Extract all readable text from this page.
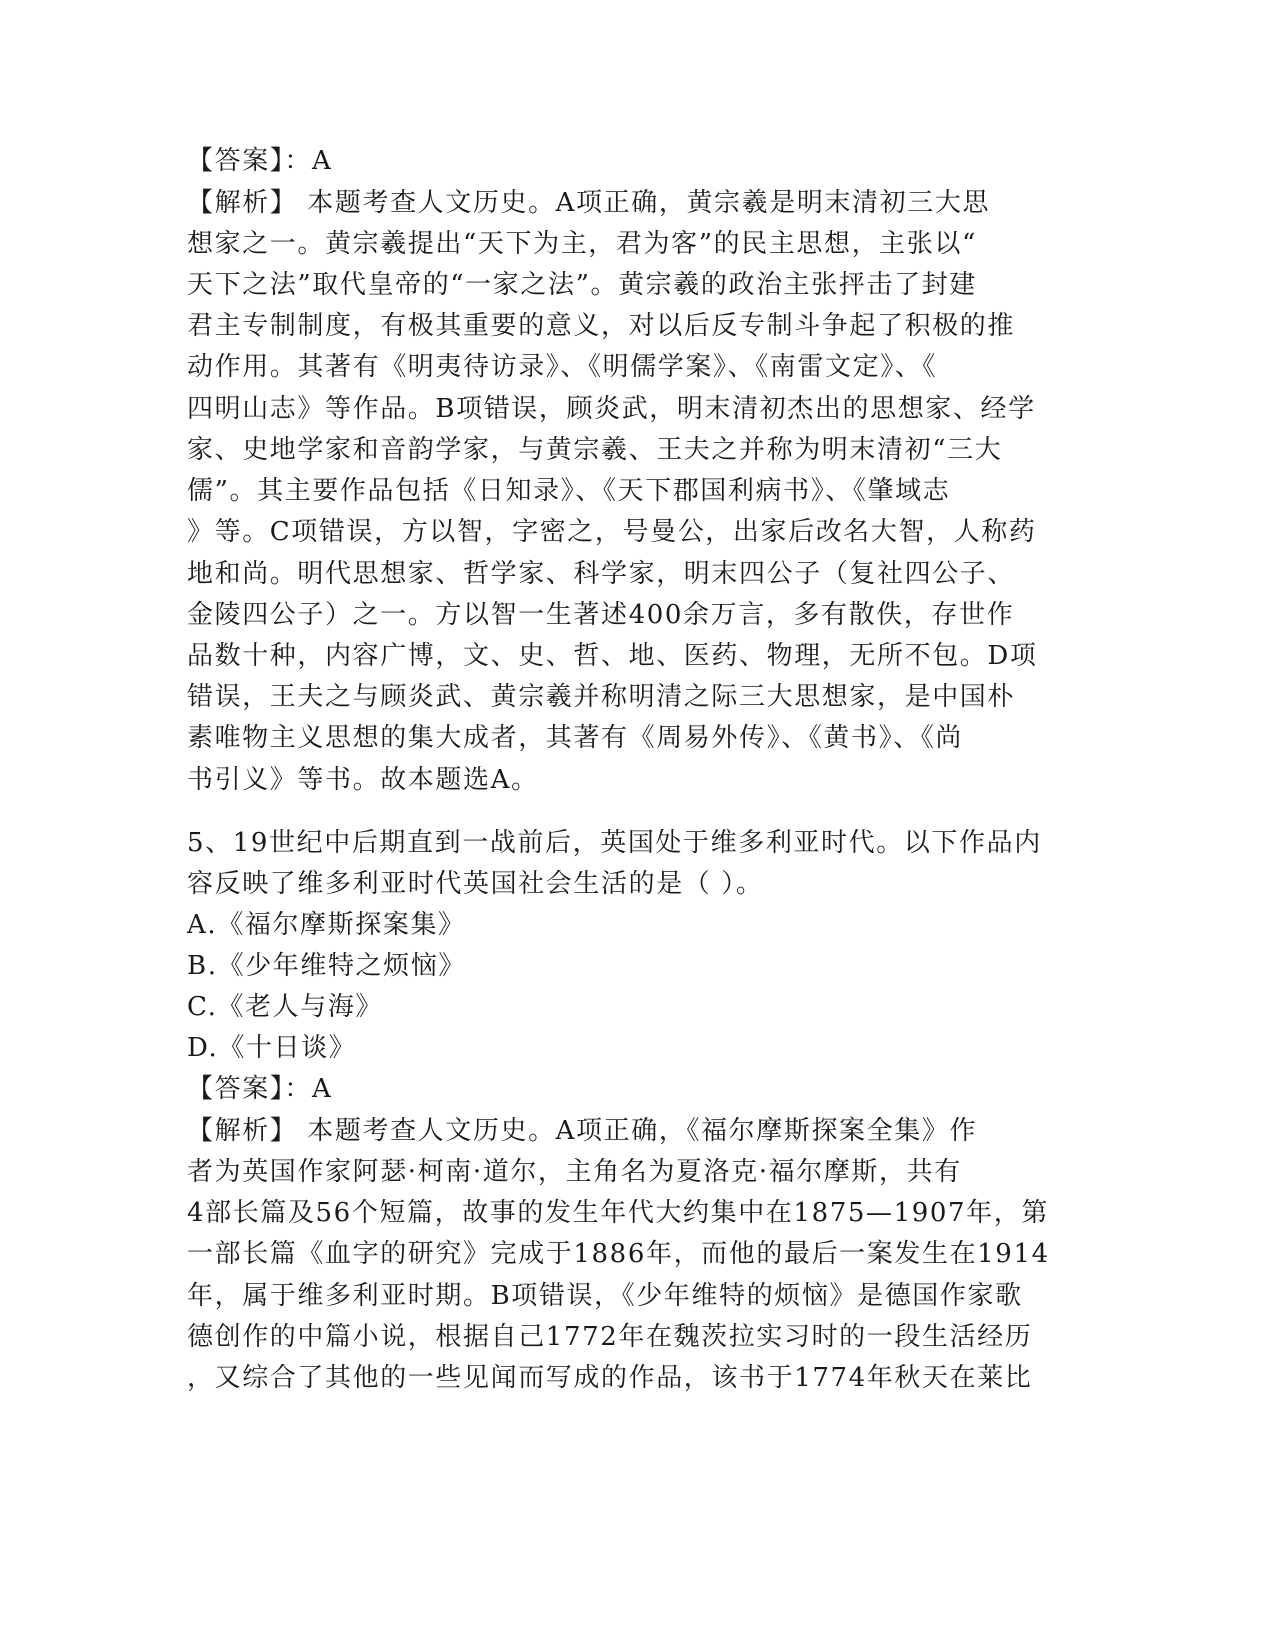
【答案】：A
【解析】 本题考查人文历史。A项正确，黄宗羲是明末清初三大思
想家之一。黄宗羲提出“天下为主，君为客”的民主思想，主张以“
天下之法”取代皇帝的“一家之法”。黄宗羲的政治主张抨击了封建
君主专制制度，有极其重要的意义，对以后反专制斗争起了积极的推
动作用。其著有《明夷待访录》、《明儒学案》、《南雷文定》、《
四明山志》等作品。B项错误，顾炎武，明末清初杰出的思想家、经学
家、史地学家和音韵学家，与黄宗羲、王夫之并称为明末清初“三大
儒”。其主要作品包括《日知录》、《天下郡国利病书》、《肇域志
》等。C项错误，方以智，字密之，号曼公，出家后改名大智，人称药
地和尚。明代思想家、哲学家、科学家，明末四公子（复社四公子、
金陵四公子）之一。方以智一生著述400余万言，多有散佚，存世作
品数十种，内容广博，文、史、哲、地、医药、物理，无所不包。D项
错误，王夫之与顾炎武、黄宗羲并称明清之际三大思想家，是中国朴
素唯物主义思想的集大成者，其著有《周易外传》、《黄书》、《尚
书引义》等书。故本题选A。
5、19世纪中后期直到一战前后，英国处于维多利亚时代。以下作品内
容反映了维多利亚时代英国社会生活的是（ ）。
A.《福尔摩斯探案集》
B.《少年维特之烦恼》
C.《老人与海》
D.《十日谈》
【答案】：A
【解析】 本题考查人文历史。A项正确，《福尔摩斯探案全集》作
者为英国作家阿瑟·柯南·道尔，主角名为夏洛克·福尔摩斯，共有
4部长篇及56个短篇，故事的发生年代大约集中在1875—1907年，第
一部长篇《血字的研究》完成于1886年，而他的最后一案发生在1914
年，属于维多利亚时期。B项错误，《少年维特的烦恼》是德国作家歌
德创作的中篇小说，根据自己1772年在魏茨拉实习时的一段生活经历
，又综合了其他的一些见闻而写成的作品，该书于1774年秋天在莱比
